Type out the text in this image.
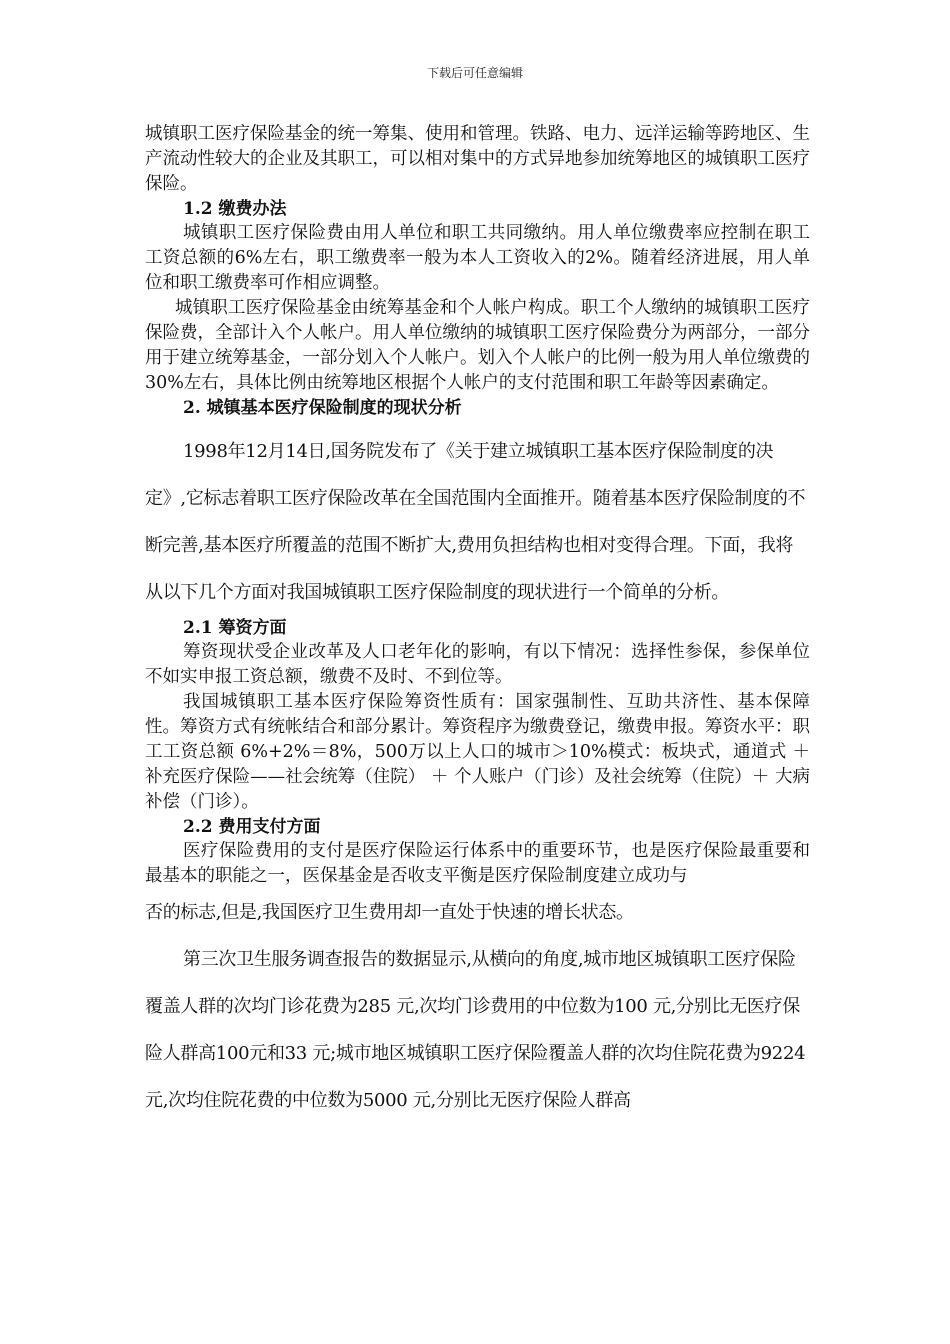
下载后可任意编辑

城镇职工医疗保险基金的统一筹集、使用和管理。铁路、电力、远洋运输等跨地区、生产流动性较大的企业及其职工，可以相对集中的方式异地参加统筹地区的城镇职工医疗保险。

1.2 缴费办法

城镇职工医疗保险费由用人单位和职工共同缴纳。用人单位缴费率应控制在职工工资总额的6%左右，职工缴费率一般为本人工资收入的2%。随着经济进展，用人单位和职工缴费率可作相应调整。

城镇职工医疗保险基金由统筹基金和个人帐户构成。职工个人缴纳的城镇职工医疗保险费，全部计入个人帐户。用人单位缴纳的城镇职工医疗保险费分为两部分，一部分用于建立统筹基金，一部分划入个人帐户。划入个人帐户的比例一般为用人单位缴费的30%左右，具体比例由统筹地区根据个人帐户的支付范围和职工年龄等因素确定。

2. 城镇基本医疗保险制度的现状分析

1998年12月14日,国务院发布了《关于建立城镇职工基本医疗保险制度的决定》,它标志着职工医疗保险改革在全国范围内全面推开。随着基本医疗保险制度的不断完善,基本医疗所覆盖的范围不断扩大,费用负担结构也相对变得合理。下面，我将从以下几个方面对我国城镇职工医疗保险制度的现状进行一个简单的分析。

2.1 筹资方面

筹资现状受企业改革及人口老年化的影响，有以下情况：选择性参保，参保单位不如实申报工资总额，缴费不及时、不到位等。

我国城镇职工基本医疗保险筹资性质有：国家强制性、互助共济性、基本保障性。筹资方式有统帐结合和部分累计。筹资程序为缴费登记，缴费申报。筹资水平：职工工资总额 6%+2%＝8%，500万以上人口的城市＞10%模式：板块式，通道式 ＋ 补充医疗保险——社会统筹（住院） ＋ 个人账户（门诊）及社会统筹（住院）＋ 大病补偿（门诊）。

2.2 费用支付方面

医疗保险费用的支付是医疗保险运行体系中的重要环节，也是医疗保险最重要和最基本的职能之一，医保基金是否收支平衡是医疗保险制度建立成功与

否的标志,但是,我国医疗卫生费用却一直处于快速的增长状态。

第三次卫生服务调查报告的数据显示,从横向的角度,城市地区城镇职工医疗保险覆盖人群的次均门诊花费为285 元,次均门诊费用的中位数为100 元,分别比无医疗保险人群高100元和33 元;城市地区城镇职工医疗保险覆盖人群的次均住院花费为9224 元,次均住院花费的中位数为5000 元,分别比无医疗保险人群高
